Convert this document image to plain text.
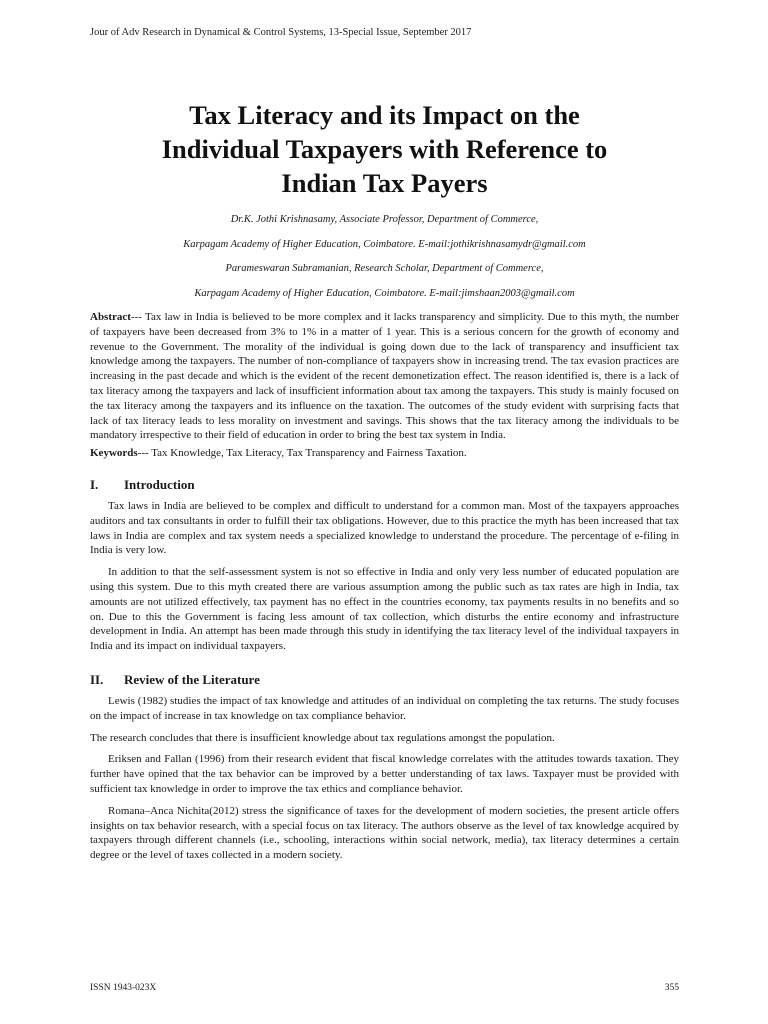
Jour of Adv Research in Dynamical & Control Systems, 13-Special Issue, September 2017
Tax Literacy and its Impact on the
Individual Taxpayers with Reference to
Indian Tax Payers
Dr.K. Jothi Krishnasamy, Associate Professor, Department of Commerce,
Karpagam Academy of Higher Education, Coimbatore. E-mail:jothikrishnasamydr@gmail.com
Parameswaran Subramanian, Research Scholar, Department of Commerce,
Karpagam Academy of Higher Education, Coimbatore. E-mail:jimshaan2003@gmail.com

Abstract--- Tax law in India is believed to be more complex and it lacks transparency and simplicity. Due to this myth, the number of taxpayers have been decreased from 3% to 1% in a matter of 1 year. This is a serious concern for the growth of economy and revenue to the Government. The morality of the individual is going down due to the lack of transparency and insufficient tax knowledge among the taxpayers. The number of non-compliance of taxpayers show in increasing trend. The tax evasion practices are increasing in the past decade and which is the evident of the recent demonetization effect. The reason identified is, there is a lack of tax literacy among the taxpayers and lack of insufficient information about tax among the taxpayers. This study is mainly focused on the tax literacy among the taxpayers and its influence on the taxation. The outcomes of the study evident with surprising facts that lack of tax literacy leads to less morality on investment and savings. This shows that the tax literacy among the individuals to be mandatory irrespective to their field of education in order to bring the best tax system in India.

Keywords--- Tax Knowledge, Tax Literacy, Tax Transparency and Fairness Taxation.

I.	Introduction

Tax laws in India are believed to be complex and difficult to understand for a common man. Most of the taxpayers approaches auditors and tax consultants in order to fulfill their tax obligations. However, due to this practice the myth has been increased that tax laws in India are complex and tax system needs a specialized knowledge to understand the procedure. The percentage of e-filing in India is very low.

In addition to that the self-assessment system is not so effective in India and only very less number of educated population are using this system. Due to this myth created there are various assumption among the public such as tax rates are high in India, tax amounts are not utilized effectively, tax payment has no effect in the countries economy, tax payments results in no benefits and so on. Due to this the Government is facing less amount of tax collection, which disturbs the entire economy and infrastructure development in India. An attempt has been made through this study in identifying the tax literacy level of the individual taxpayers in India and its impact on individual taxpayers.

II.	Review of the Literature

Lewis (1982) studies the impact of tax knowledge and attitudes of an individual on completing the tax returns. The study focuses on the impact of increase in tax knowledge on tax compliance behavior.

The research concludes that there is insufficient knowledge about tax regulations amongst the population.

Eriksen and Fallan (1996) from their research evident that fiscal knowledge correlates with the attitudes towards taxation. They further have opined that the tax behavior can be improved by a better understanding of tax laws. Taxpayer must be provided with sufficient tax knowledge in order to improve the tax ethics and compliance behavior.

Romana–Anca Nichita(2012) stress the significance of taxes for the development of modern societies, the present article offers insights on tax behavior research, with a special focus on tax literacy. The authors observe as the level of tax knowledge acquired by taxpayers through different channels (i.e., schooling, interactions within social network, media), tax literacy determines a certain degree or the level of taxes collected in a modern society.

ISSN 1943-023X	355
